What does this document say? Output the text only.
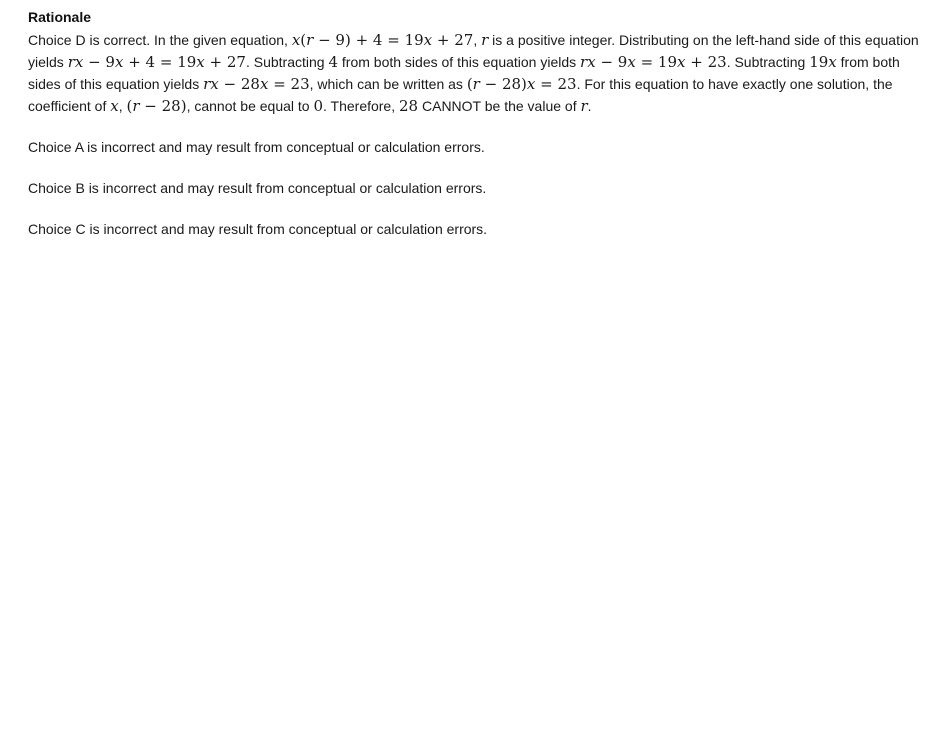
Rationale

Choice D is correct. In the given equation, x(r − 9) + 4 = 19x + 27, r is a positive integer. Distributing on the left-hand side of this equation yields rx − 9x + 4 = 19x + 27. Subtracting 4 from both sides of this equation yields rx − 9x = 19x + 23. Subtracting 19x from both sides of this equation yields rx − 28x = 23, which can be written as (r − 28)x = 23. For this equation to have exactly one solution, the coefficient of x, (r − 28), cannot be equal to 0. Therefore, 28 CANNOT be the value of r.

Choice A is incorrect and may result from conceptual or calculation errors.

Choice B is incorrect and may result from conceptual or calculation errors.

Choice C is incorrect and may result from conceptual or calculation errors.
